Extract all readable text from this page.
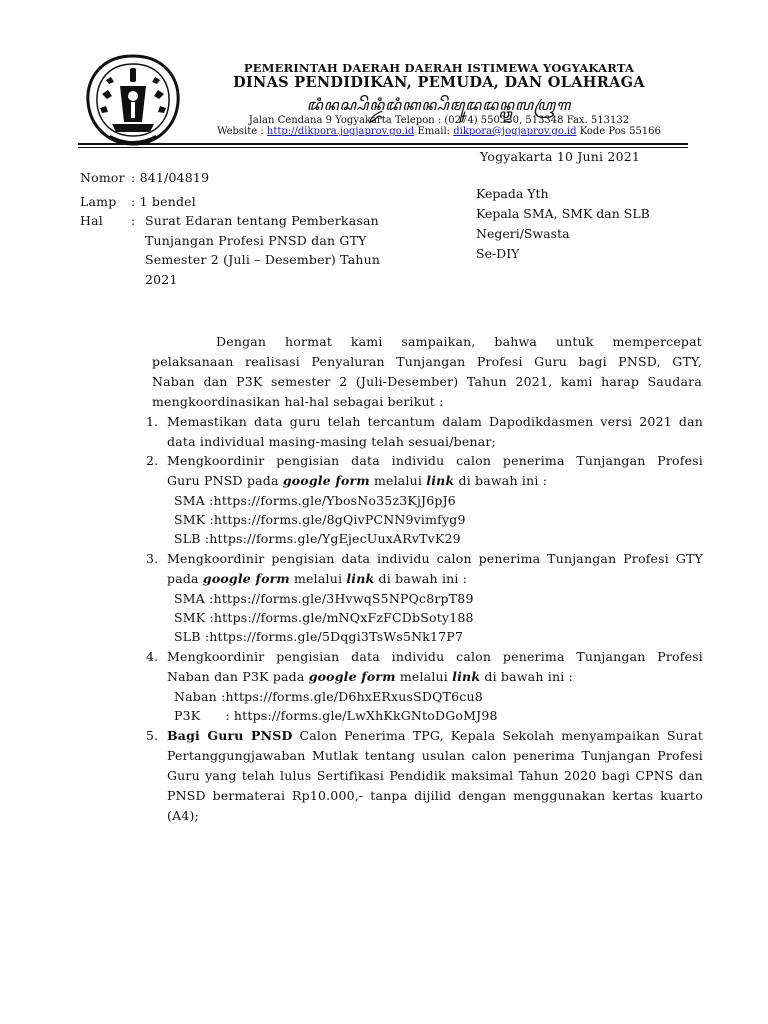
PEMERINTAH DAERAH DAERAH ISTIMEWA YOGYAKARTA
DINAS PENDIDIKAN, PEMUDA, DAN OLAHRAGA
ꦢꦶꦤꦱ꧀ꦥꦼꦤ꧀ꦢꦶꦢꦶꦏꦤ꧀ꦥꦼꦩꦸꦢꦢꦤ꧀ꦎꦭꦲꦿꦒ
Jalan Cendana 9 Yogyakarta Telepon : (0274) 550330, 513348 Fax. 513132
Website : http://dikpora.jogjaprov.go.id Email: dikpora@jogjaprov.go.id Kode Pos 55166
Yogyakarta 10 Juni 2021
Nomor : 841/04819
Lamp : 1 bendel
Hal : Surat Edaran tentang Pemberkasan Tunjangan Profesi PNSD dan GTY Semester 2 (Juli – Desember) Tahun 2021
Kepada Yth
Kepala SMA, SMK dan SLB
Negeri/Swasta
Se-DIY
Dengan hormat kami sampaikan, bahwa untuk mempercepat
pelaksanaan realisasi Penyaluran Tunjangan Profesi Guru bagi PNSD, GTY,
Naban dan P3K semester 2 (Juli-Desember) Tahun 2021, kami harap Saudara
mengkoordinasikan hal-hal sebagai berikut :
1. Memastikan data guru telah tercantum dalam Dapodikdasmen versi 2021 dan
data individual masing-masing telah sesuai/benar;
2. Mengkoordinir pengisian data individu calon penerima Tunjangan Profesi
Guru PNSD pada google form melalui link di bawah ini :
SMA :https://forms.gle/YbosNo35z3KjJ6pJ6
SMK :https://forms.gle/8gQivPCNN9vimfyg9
SLB :https://forms.gle/YgEjecUuxARvTvK29
3. Mengkoordinir pengisian data individu calon penerima Tunjangan Profesi GTY
pada google form melalui link di bawah ini :
SMA :https://forms.gle/3HvwqS5NPQc8rpT89
SMK :https://forms.gle/mNQxFzFCDbSoty188
SLB :https://forms.gle/5Dqgi3TsWs5Nk17P7
4. Mengkoordinir pengisian data individu calon penerima Tunjangan Profesi
Naban dan P3K pada google form melalui link di bawah ini :
Naban :https://forms.gle/D6hxERxusSDQT6cu8
P3K      : https://forms.gle/LwXhKkGNtoDGoMJ98
5. Bagi Guru PNSD Calon Penerima TPG, Kepala Sekolah menyampaikan Surat
Pertanggungjawaban Mutlak tentang usulan calon penerima Tunjangan Profesi
Guru yang telah lulus Sertifikasi Pendidik maksimal Tahun 2020 bagi CPNS dan
PNSD bermaterai Rp10.000,- tanpa dijilid dengan menggunakan kertas kuarto
(A4);
